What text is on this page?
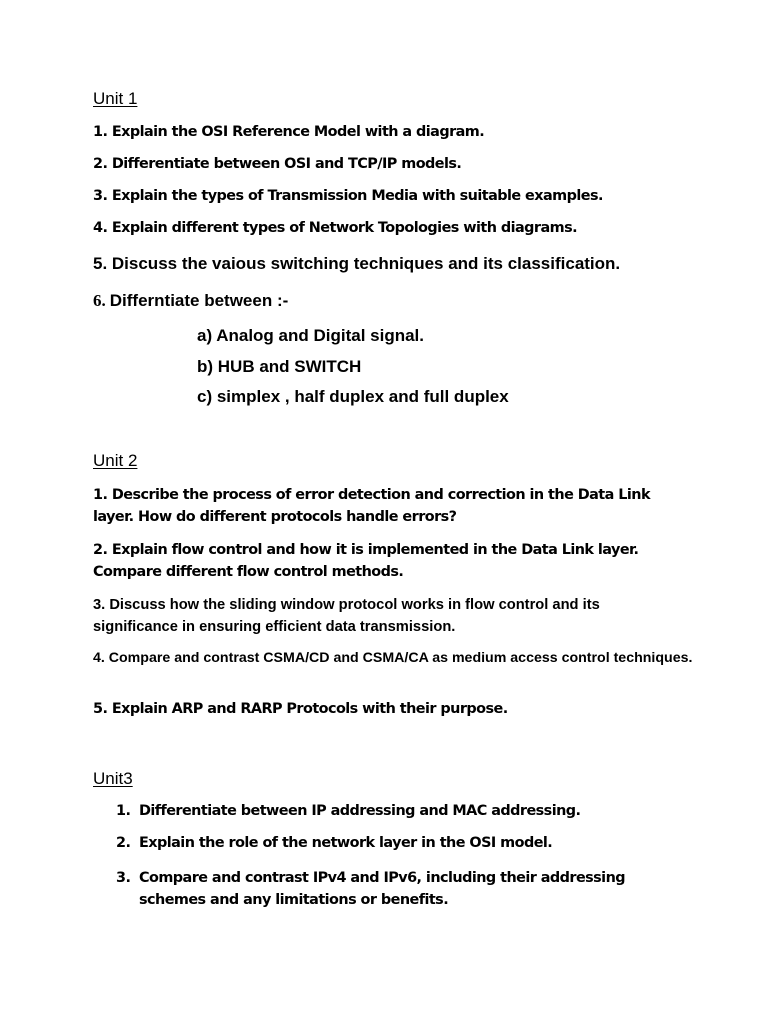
Unit 1
1. Explain the OSI Reference Model with a diagram.
2. Differentiate between OSI and TCP/IP models.
3. Explain the types of Transmission Media with suitable examples.
4. Explain different types of Network Topologies with diagrams.
5. Discuss the vaious switching techniques and its classification.
6. Differntiate between :-
a) Analog and Digital signal.
b) HUB and SWITCH
c) simplex , half duplex and full duplex
Unit 2
1. Describe the process of error detection and correction in the Data Link layer. How do different protocols handle errors?
2. Explain flow control and how it is implemented in the Data Link layer. Compare different flow control methods.
3. Discuss how the sliding window protocol works in flow control and its significance in ensuring efficient data transmission.
4. Compare and contrast CSMA/CD and CSMA/CA as medium access control techniques.
5. Explain ARP and RARP Protocols with their purpose.
Unit3
1. Differentiate between IP addressing and MAC addressing.
2. Explain the role of the network layer in the OSI model.
3. Compare and contrast IPv4 and IPv6, including their addressing schemes and any limitations or benefits.
